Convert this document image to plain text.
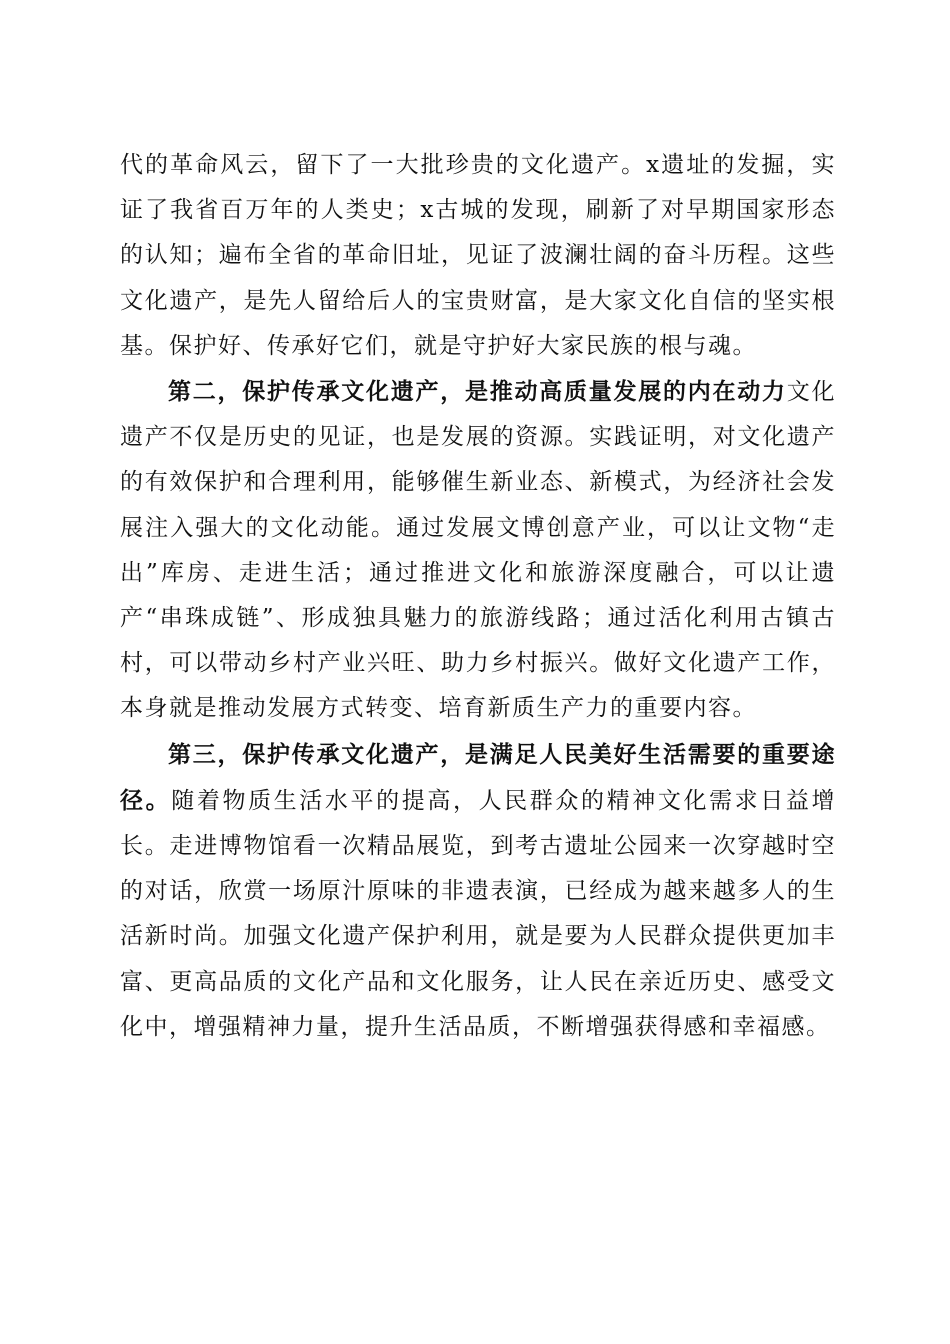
代的革命风云，留下了一大批珍贵的文化遗产。x遗址的发掘，实证了我省百万年的人类史；x古城的发现，刷新了对早期国家形态的认知；遍布全省的革命旧址，见证了波澜壮阔的奋斗历程。这些文化遗产，是先人留给后人的宝贵财富，是大家文化自信的坚实根基。保护好、传承好它们，就是守护好大家民族的根与魂。

第二，保护传承文化遗产，是推动高质量发展的内在动力文化遗产不仅是历史的见证，也是发展的资源。实践证明，对文化遗产的有效保护和合理利用，能够催生新业态、新模式，为经济社会发展注入强大的文化动能。通过发展文博创意产业，可以让文物“走出”库房、走进生活；通过推进文化和旅游深度融合，可以让遗产“串珠成链”、形成独具魅力的旅游线路；通过活化利用古镇古村，可以带动乡村产业兴旺、助力乡村振兴。做好文化遗产工作，本身就是推动发展方式转变、培育新质生产力的重要内容。

第三，保护传承文化遗产，是满足人民美好生活需要的重要途径。随着物质生活水平的提高，人民群众的精神文化需求日益增长。走进博物馆看一次精品展览，到考古遗址公园来一次穿越时空的对话，欣赏一场原汁原味的非遗表演，已经成为越来越多人的生活新时尚。加强文化遗产保护利用，就是要为人民群众提供更加丰富、更高品质的文化产品和文化服务，让人民在亲近历史、感受文化中，增强精神力量，提升生活品质，不断增强获得感和幸福感。
